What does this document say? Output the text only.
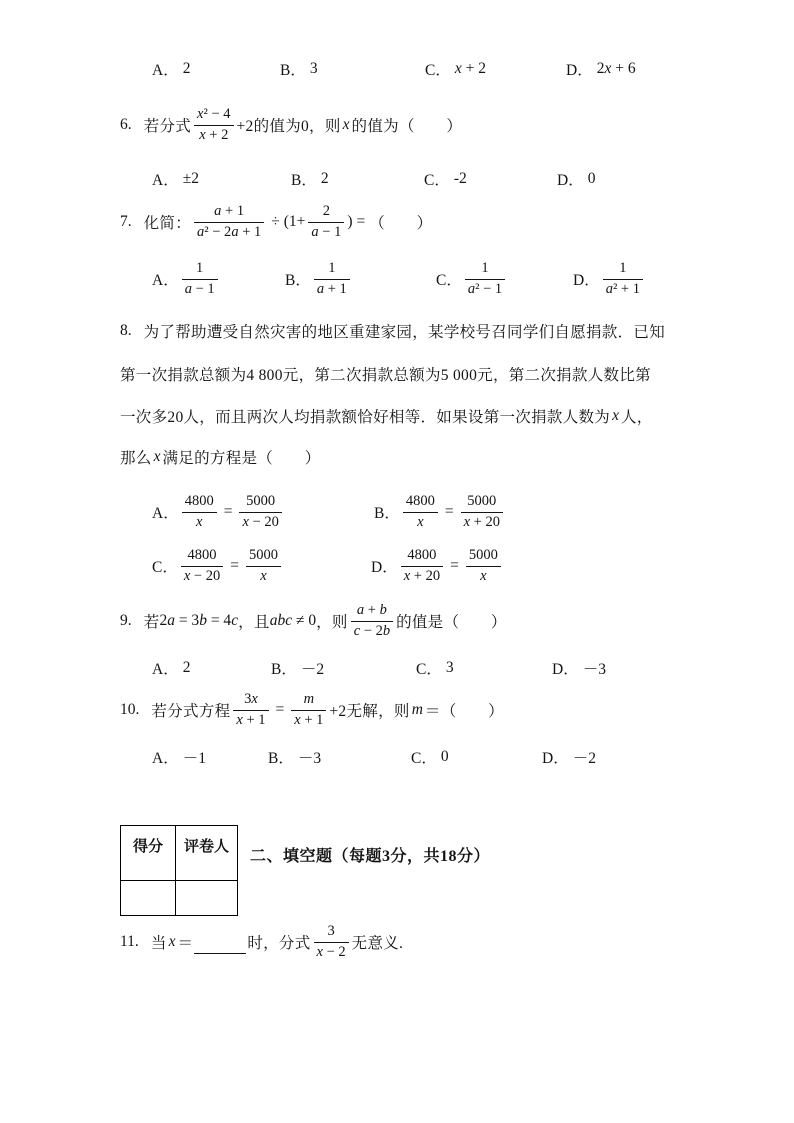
A． 2	B． 3	C． x + 2	D． 2x + 6
6. 若分式 $\frac{\text{x² − 4}}{x + 2} +2$的值为0，则 x 的值为（　　）
A． ±2	B． 2	C． -2	D． 0
7. 化简： $\frac{a + 1}{\text{a² − 2a + 1}} \div (1+ \frac{2}{a - 1}$ ) = （　　）
A． $\frac{1}{a - 1}$	B． $\frac{1}{a + 1}$	C． $\frac{1}{\text{a² − 1}}$	D． $\frac{1}{\text{a² + 1}}$
8. 为了帮助遭受自然灾害的地区重建家园，某学校号召同学们自愿捐款．已知
第一次捐款总额为4 800元，第二次捐款总额为5 000元，第二次捐款人数比第
一次多20人，而且两次人均捐款额恰好相等．如果设第一次捐款人数为 x 人，
那么 x 满足的方程是（　　）
A． $\frac{4800}{x} = \frac{5000}{x - 20}$	B． $\frac{4800}{x} = \frac{5000}{x + 20}$
C． $\frac{4800}{x - 20} = \frac{5000}{x}$	D． $\frac{4800}{x + 20} = \frac{5000}{x}$
9. 若 2a = 3b = 4c ，且 abc ≠ 0 ，则 $\frac{a + b}{c - 2b}$ 的值是（　　）
A． 2	B． －2	C． 3	D． －3
10. 若分式方程 $\frac{3x}{x + 1} = \frac{m}{x + 1} +2$无解，则 m ＝（　　）
A． －1	B． －3	C． 0	D． －2
得分	评卷人
二、填空题（每题3分，共18分）
11. 当 x ＝	时，分式 $\frac{3}{x - 2}$ 无意义.
